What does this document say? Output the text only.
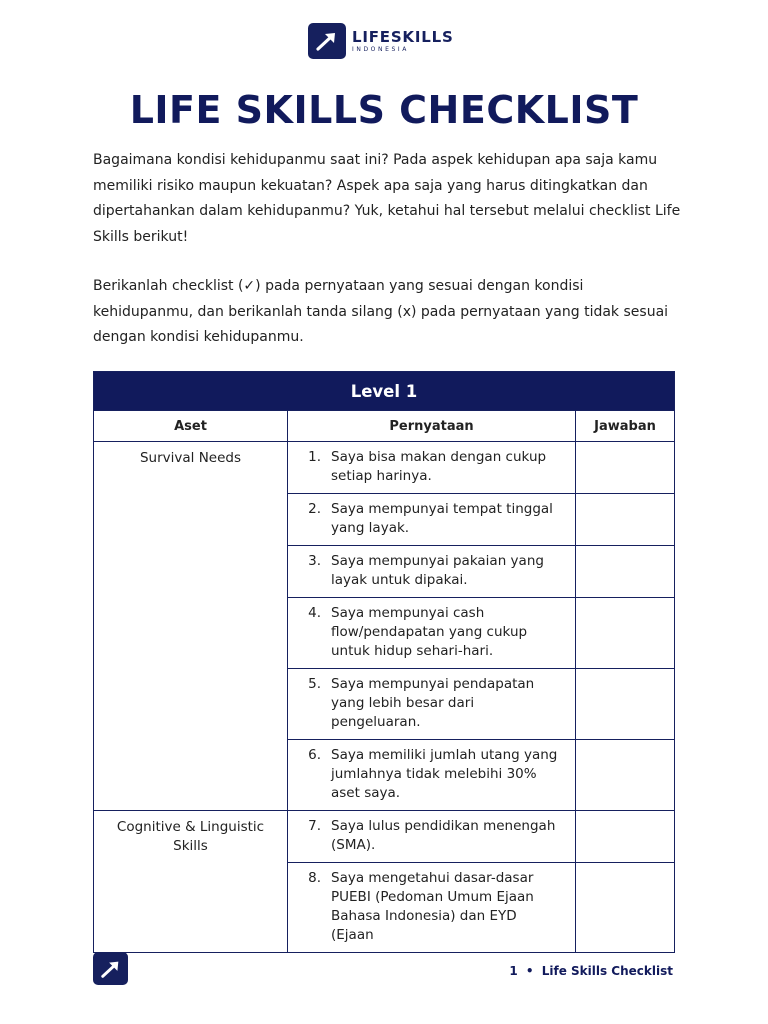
LIFESKILLS
INDONESIA
LIFE SKILLS CHECKLIST

Bagaimana kondisi kehidupanmu saat ini? Pada aspek kehidupan apa saja kamu memiliki risiko maupun kekuatan? Aspek apa saja yang harus ditingkatkan dan dipertahankan dalam kehidupanmu? Yuk, ketahui hal tersebut melalui checklist Life Skills berikut!

Berikanlah checklist (✓) pada pernyataan yang sesuai dengan kondisi kehidupanmu, dan berikanlah tanda silang (x) pada pernyataan yang tidak sesuai dengan kondisi kehidupanmu.

Level 1		
Aset	Pernyataan	Jawaban
Survival Needs	1. Saya bisa makan dengan cukup setiap harinya.	

	2. Saya mempunyai tempat tinggal yang layak.	

	3. Saya mempunyai pakaian yang layak untuk dipakai.	

	4. Saya mempunyai cash flow/pendapatan yang cukup untuk hidup sehari-hari.	

	5. Saya mempunyai pendapatan yang lebih besar dari pengeluaran.	

	6. Saya memiliki jumlah utang yang jumlahnya tidak melebihi 30% aset saya.	

Cognitive & Linguistic Skills	7. Saya lulus pendidikan menengah (SMA).	

	8. Saya mengetahui dasar-dasar PUEBI (Pedoman Umum Ejaan Bahasa Indonesia) dan EYD (Ejaan	

1 • Life Skills Checklist
